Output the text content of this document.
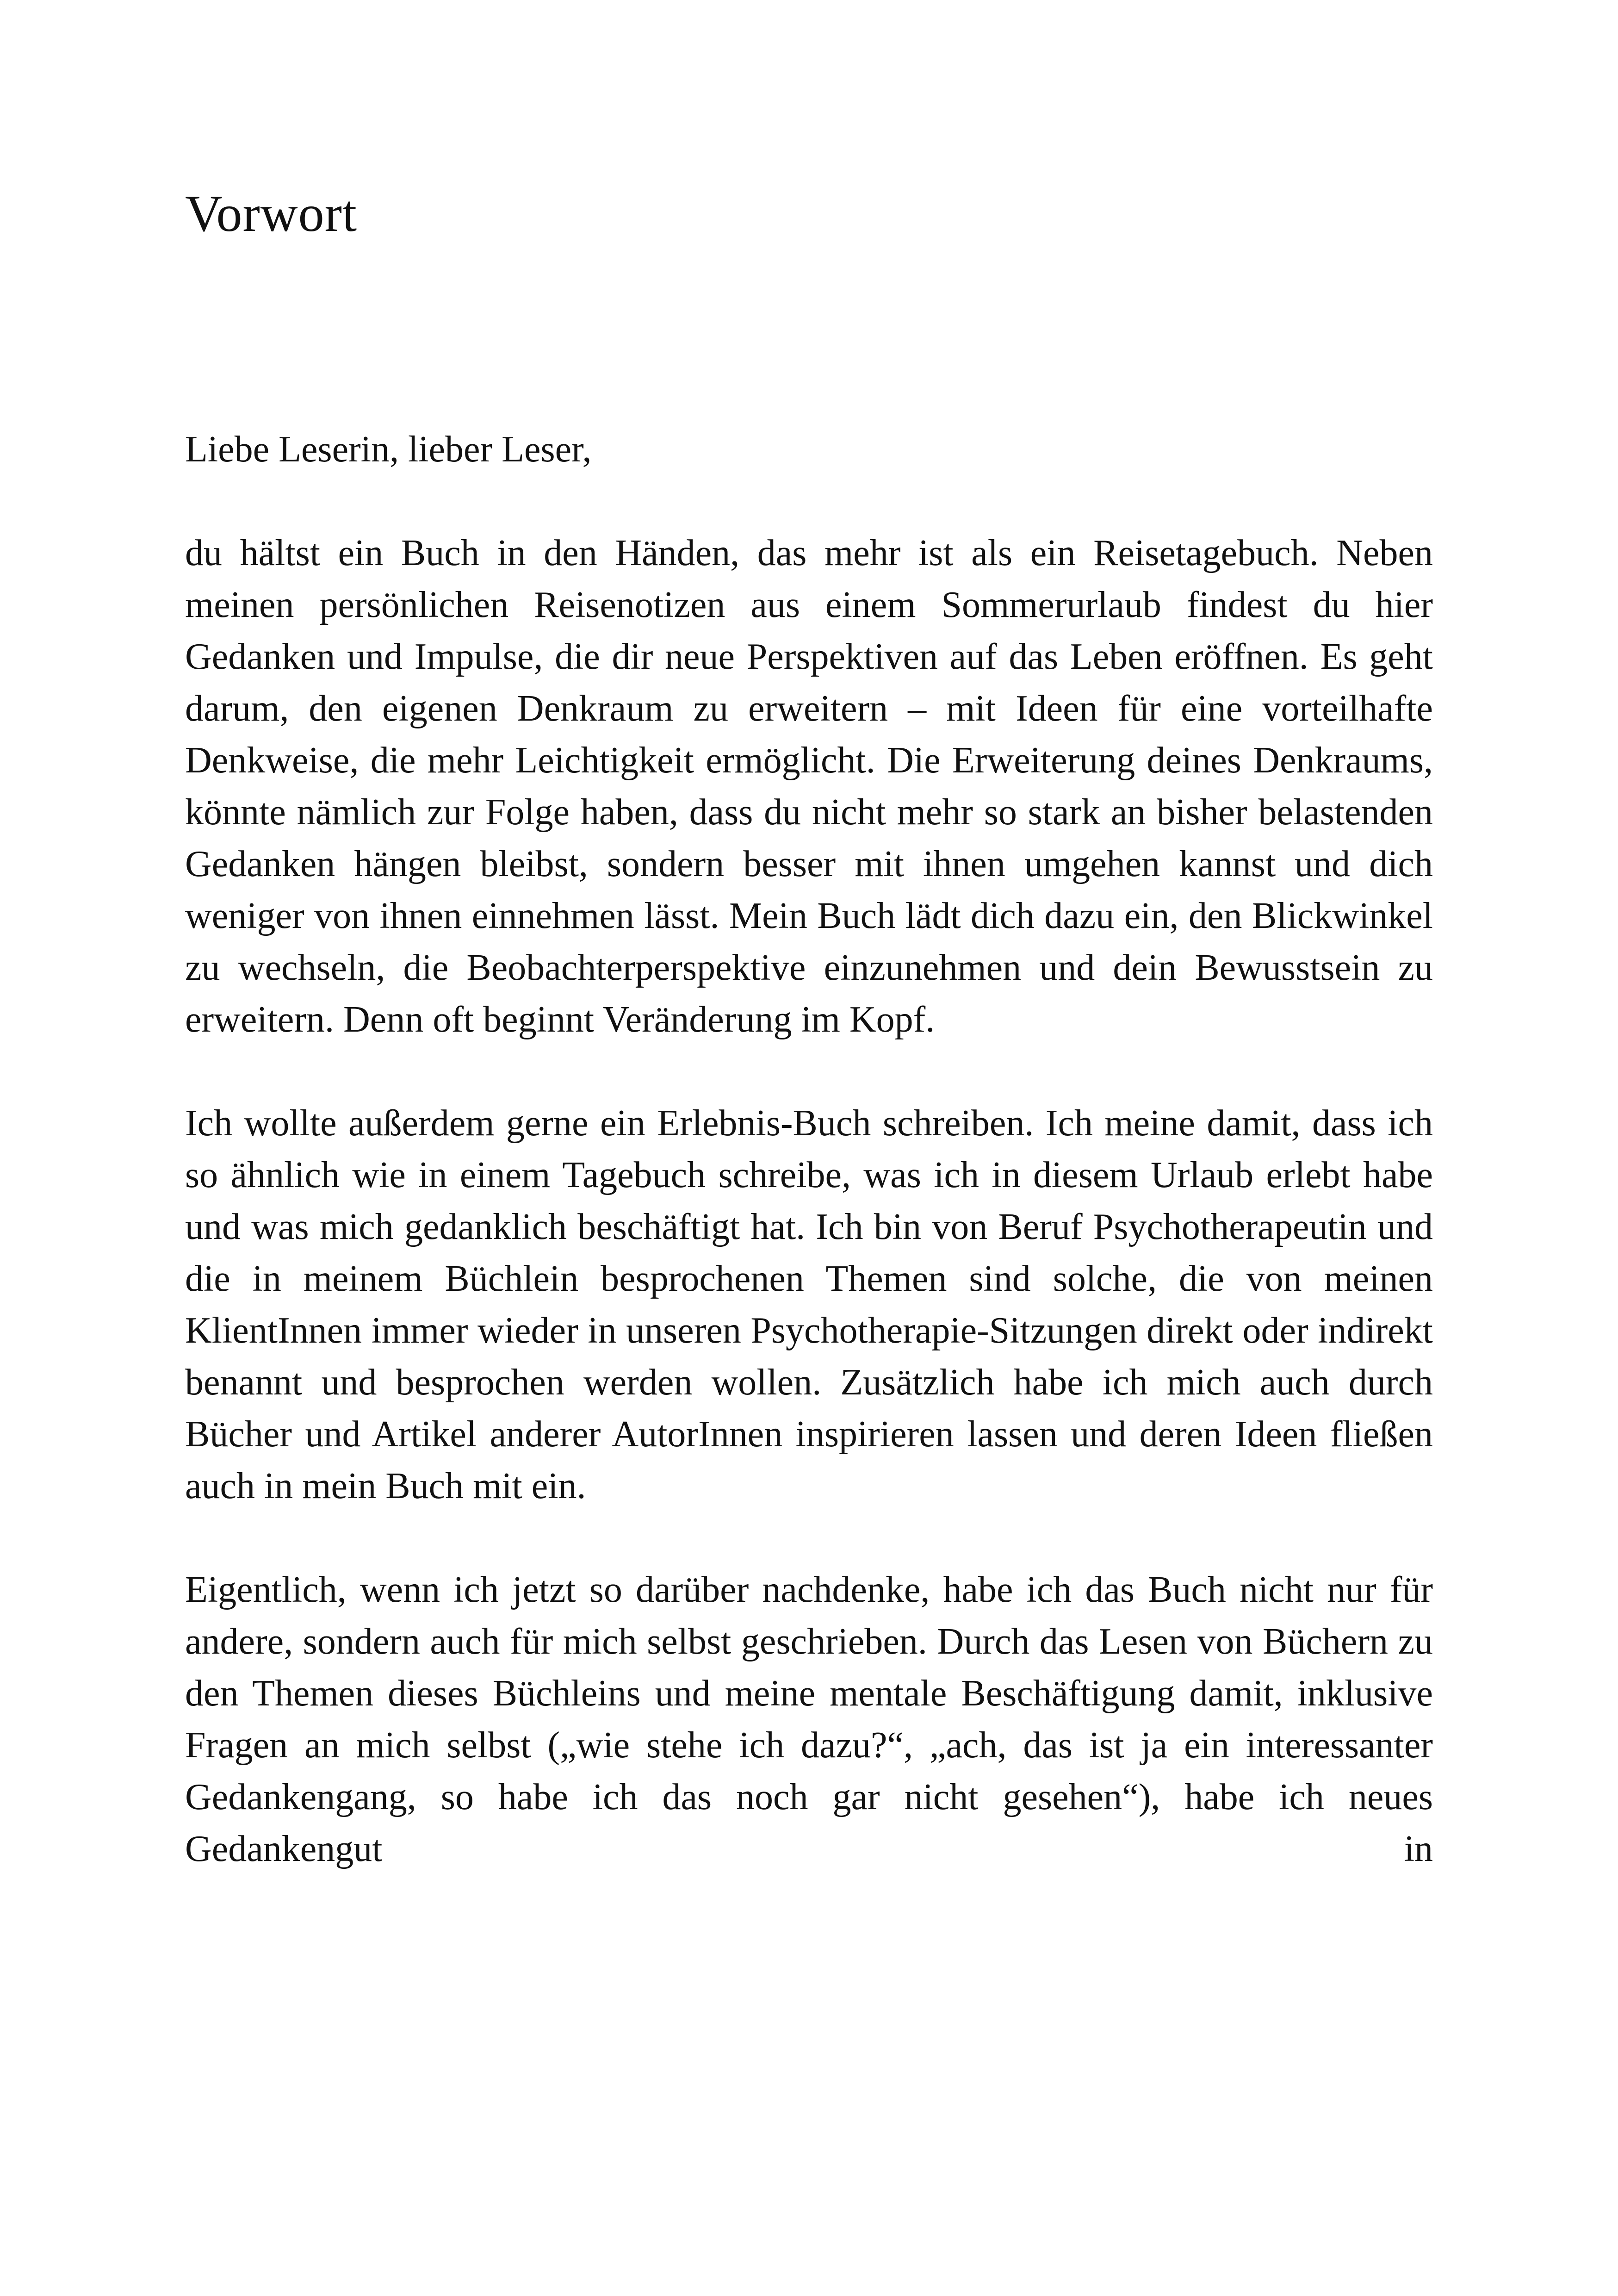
Vorwort

Liebe Leserin, lieber Leser,

du hältst ein Buch in den Händen, das mehr ist als ein Reisetagebuch. Neben meinen persönlichen Reisenotizen aus einem Sommerurlaub findest du hier Gedanken und Impulse, die dir neue Perspektiven auf das Leben eröffnen. Es geht darum, den eigenen Denkraum zu erweitern – mit Ideen für eine vorteilhafte Denkweise, die mehr Leichtigkeit ermöglicht. Die Erweiterung deines Denkraums, könnte nämlich zur Folge haben, dass du nicht mehr so stark an bisher belastenden Gedanken hängen bleibst, sondern besser mit ihnen umgehen kannst und dich weniger von ihnen einnehmen lässt. Mein Buch lädt dich dazu ein, den Blickwinkel zu wechseln, die Beobachterperspektive einzunehmen und dein Bewusstsein zu erweitern. Denn oft beginnt Veränderung im Kopf.

Ich wollte außerdem gerne ein Erlebnis-Buch schreiben. Ich meine damit, dass ich so ähnlich wie in einem Tagebuch schreibe, was ich in diesem Urlaub erlebt habe und was mich gedanklich beschäftigt hat. Ich bin von Beruf Psychotherapeutin und die in meinem Büchlein besprochenen Themen sind solche, die von meinen KlientInnen immer wieder in unseren Psychotherapie-Sitzungen direkt oder indirekt benannt und besprochen werden wollen. Zusätzlich habe ich mich auch durch Bücher und Artikel anderer AutorInnen inspirieren lassen und deren Ideen fließen auch in mein Buch mit ein.

Eigentlich, wenn ich jetzt so darüber nachdenke, habe ich das Buch nicht nur für andere, sondern auch für mich selbst geschrieben. Durch das Lesen von Büchern zu den Themen dieses Büchleins und meine mentale Beschäftigung damit, inklusive Fragen an mich selbst („wie stehe ich dazu?“, „ach, das ist ja ein interessanter Gedankengang, so habe ich das noch gar nicht gesehen“), habe ich neues Gedankengut in
